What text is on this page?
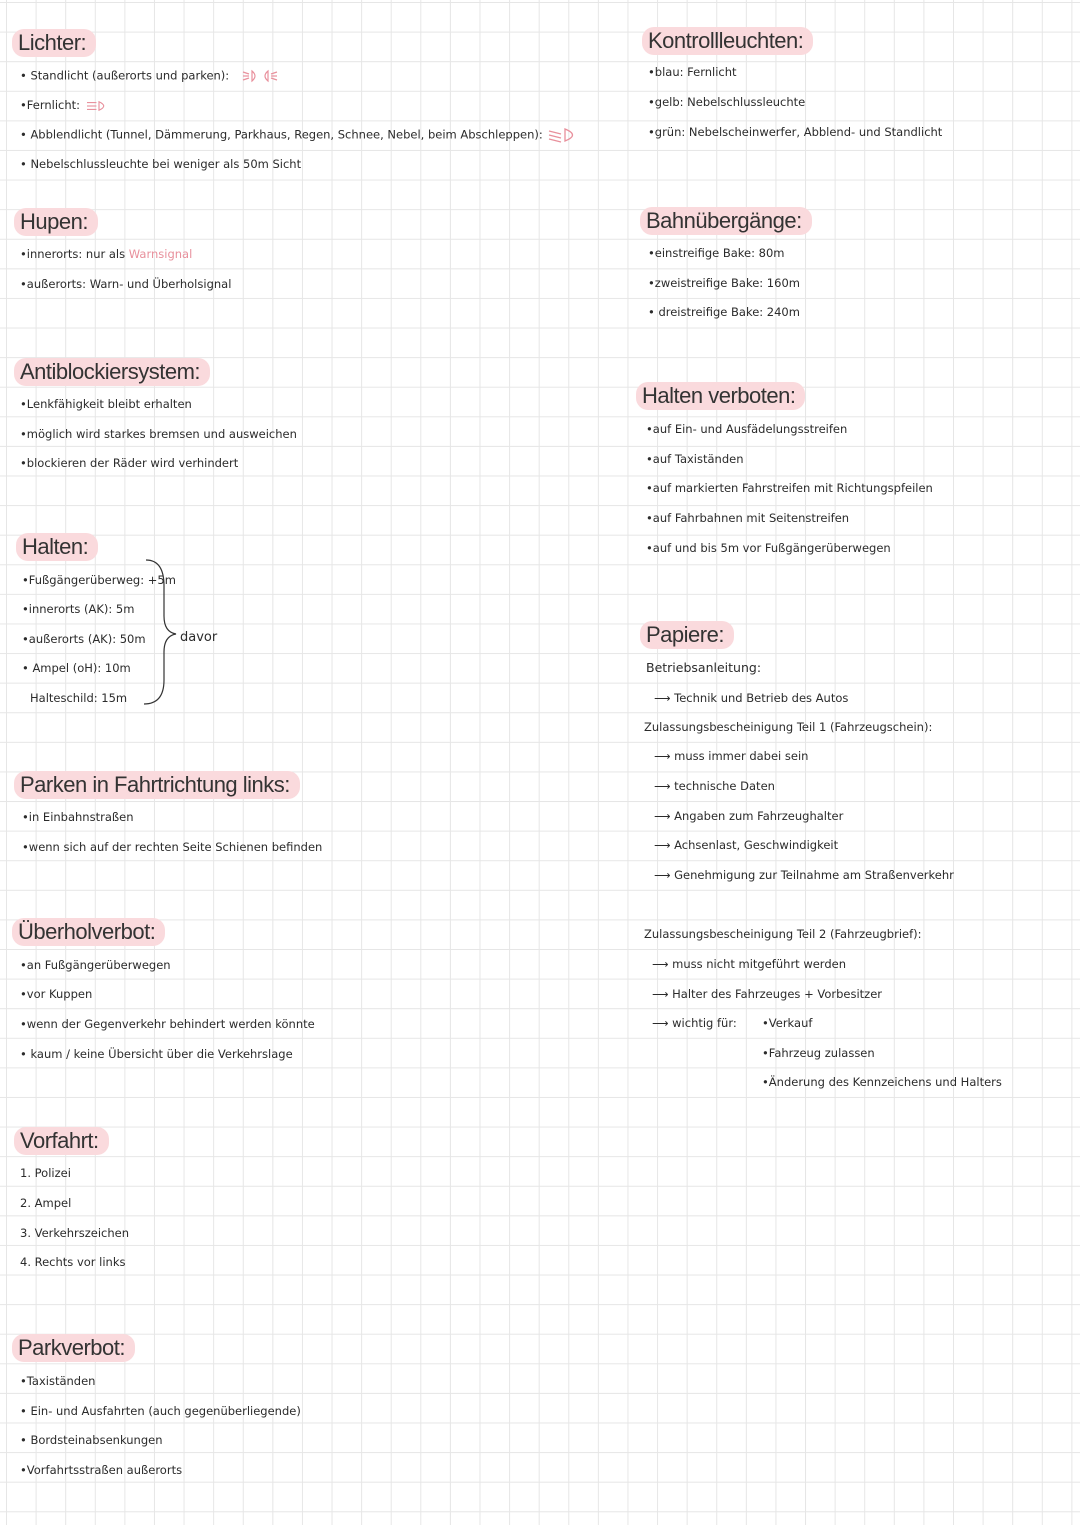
Lichter:
• Standlicht (außerorts und parken):
•Fernlicht:
• Abblendlicht (Tunnel, Dämmerung, Parkhaus, Regen, Schnee, Nebel, beim Abschleppen):
• Nebelschlussleuchte bei weniger als 50m Sicht
Hupen:
•innerorts: nur als Warnsignal
•außerorts: Warn- und Überholsignal
Antiblockiersystem:
•Lenkfähigkeit bleibt erhalten
•möglich wird starkes bremsen und ausweichen
•blockieren der Räder wird verhindert
Halten:
•Fußgängerüberweg: +5m
•innerorts (AK): 5m
•außerorts (AK): 50m
• Ampel (oH): 10m
Halteschild: 15m
davor
Parken in Fahrtrichtung links:
•in Einbahnstraßen
•wenn sich auf der rechten Seite Schienen befinden
Überholverbot:
•an Fußgängerüberwegen
•vor Kuppen
•wenn der Gegenverkehr behindert werden könnte
• kaum / keine Übersicht über die Verkehrslage
Vorfahrt:
1. Polizei
2. Ampel
3. Verkehrszeichen
4. Rechts vor links
Parkverbot:
•Taxiständen
• Ein- und Ausfahrten (auch gegenüberliegende)
• Bordsteinabsenkungen
•Vorfahrtsstraßen außerorts
Kontrollleuchten:
•blau: Fernlicht
•gelb: Nebelschlussleuchte
•grün: Nebelscheinwerfer, Abblend- und Standlicht
Bahnübergänge:
•einstreifige Bake: 80m
•zweistreifige Bake: 160m
• dreistreifige Bake: 240m
Halten verboten:
•auf Ein- und Ausfädelungsstreifen
•auf Taxiständen
•auf markierten Fahrstreifen mit Richtungspfeilen
•auf Fahrbahnen mit Seitenstreifen
•auf und bis 5m vor Fußgängerüberwegen
Papiere:
Betriebsanleitung:
⟶ Technik und Betrieb des Autos
Zulassungsbescheinigung Teil 1 (Fahrzeugschein):
⟶ muss immer dabei sein
⟶ technische Daten
⟶ Angaben zum Fahrzeughalter
⟶ Achsenlast, Geschwindigkeit
⟶ Genehmigung zur Teilnahme am Straßenverkehr
Zulassungsbescheinigung Teil 2 (Fahrzeugbrief):
⟶ muss nicht mitgeführt werden
⟶ Halter des Fahrzeuges + Vorbesitzer
⟶ wichtig für: •Verkauf
•Fahrzeug zulassen
•Änderung des Kennzeichens und Halters
